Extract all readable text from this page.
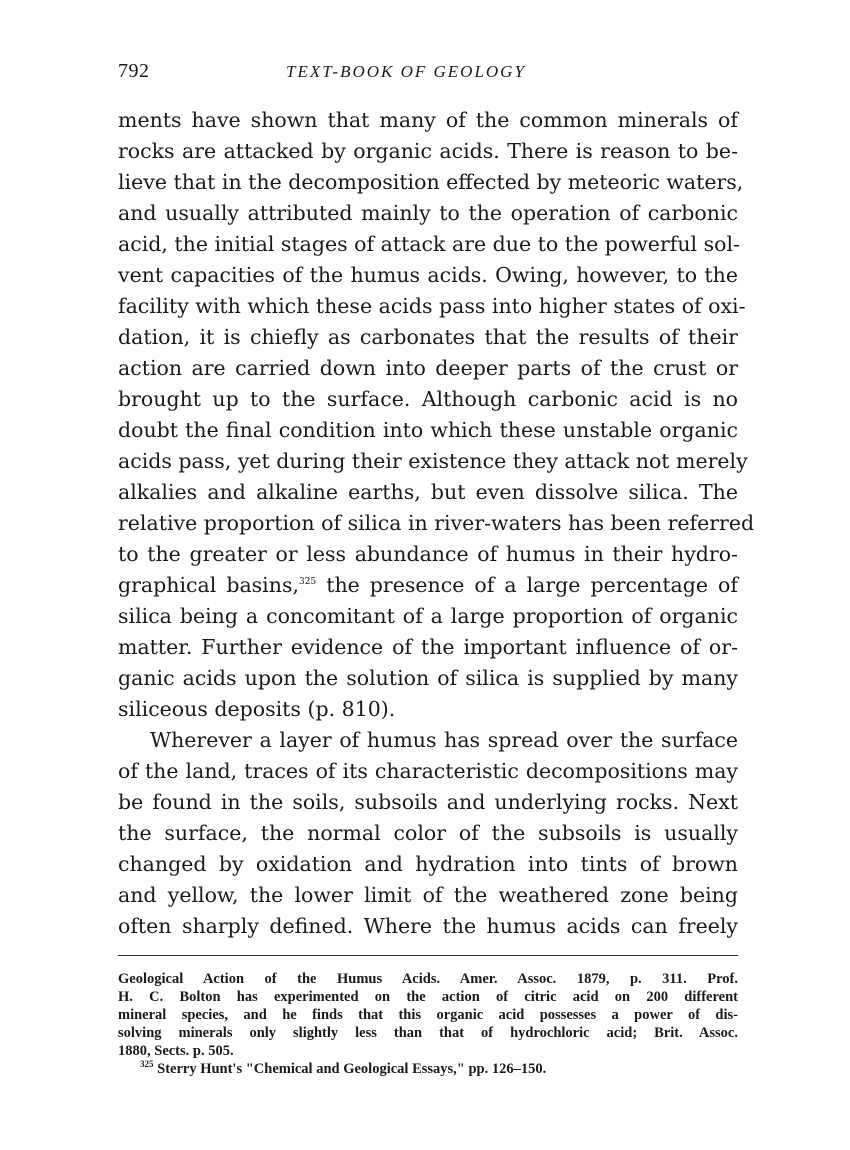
792	TEXT-BOOK OF GEOLOGY
ments have shown that many of the common minerals of
rocks are attacked by organic acids. There is reason to be-
lieve that in the decomposition effected by meteoric waters,
and usually attributed mainly to the operation of carbonic
acid, the initial stages of attack are due to the powerful sol-
vent capacities of the humus acids. Owing, however, to the
facility with which these acids pass into higher states of oxi-
dation, it is chiefly as carbonates that the results of their
action are carried down into deeper parts of the crust or
brought up to the surface. Although carbonic acid is no
doubt the final condition into which these unstable organic
acids pass, yet during their existence they attack not merely
alkalies and alkaline earths, but even dissolve silica. The
relative proportion of silica in river-waters has been referred
to the greater or less abundance of humus in their hydro-
graphical basins,$^{325}$ the presence of a large percentage of
silica being a concomitant of a large proportion of organic
matter. Further evidence of the important influence of or-
ganic acids upon the solution of silica is supplied by many
siliceous deposits (p. 810).
Wherever a layer of humus has spread over the surface
of the land, traces of its characteristic decompositions may
be found in the soils, subsoils and underlying rocks. Next
the surface, the normal color of the subsoils is usually
changed by oxidation and hydration into tints of brown
and yellow, the lower limit of the weathered zone being
often sharply defined. Where the humus acids can freely
Geological Action of the Humus Acids. Amer. Assoc. 1879, p. 311. Prof.
H. C. Bolton has experimented on the action of citric acid on 200 different
mineral species, and he finds that this organic acid possesses a power of dis-
solving minerals only slightly less than that of hydrochloric acid; Brit. Assoc.
1880, Sects. p. 505.
$^{325}$ Sterry Hunt's "Chemical and Geological Essays," pp. 126–150.
